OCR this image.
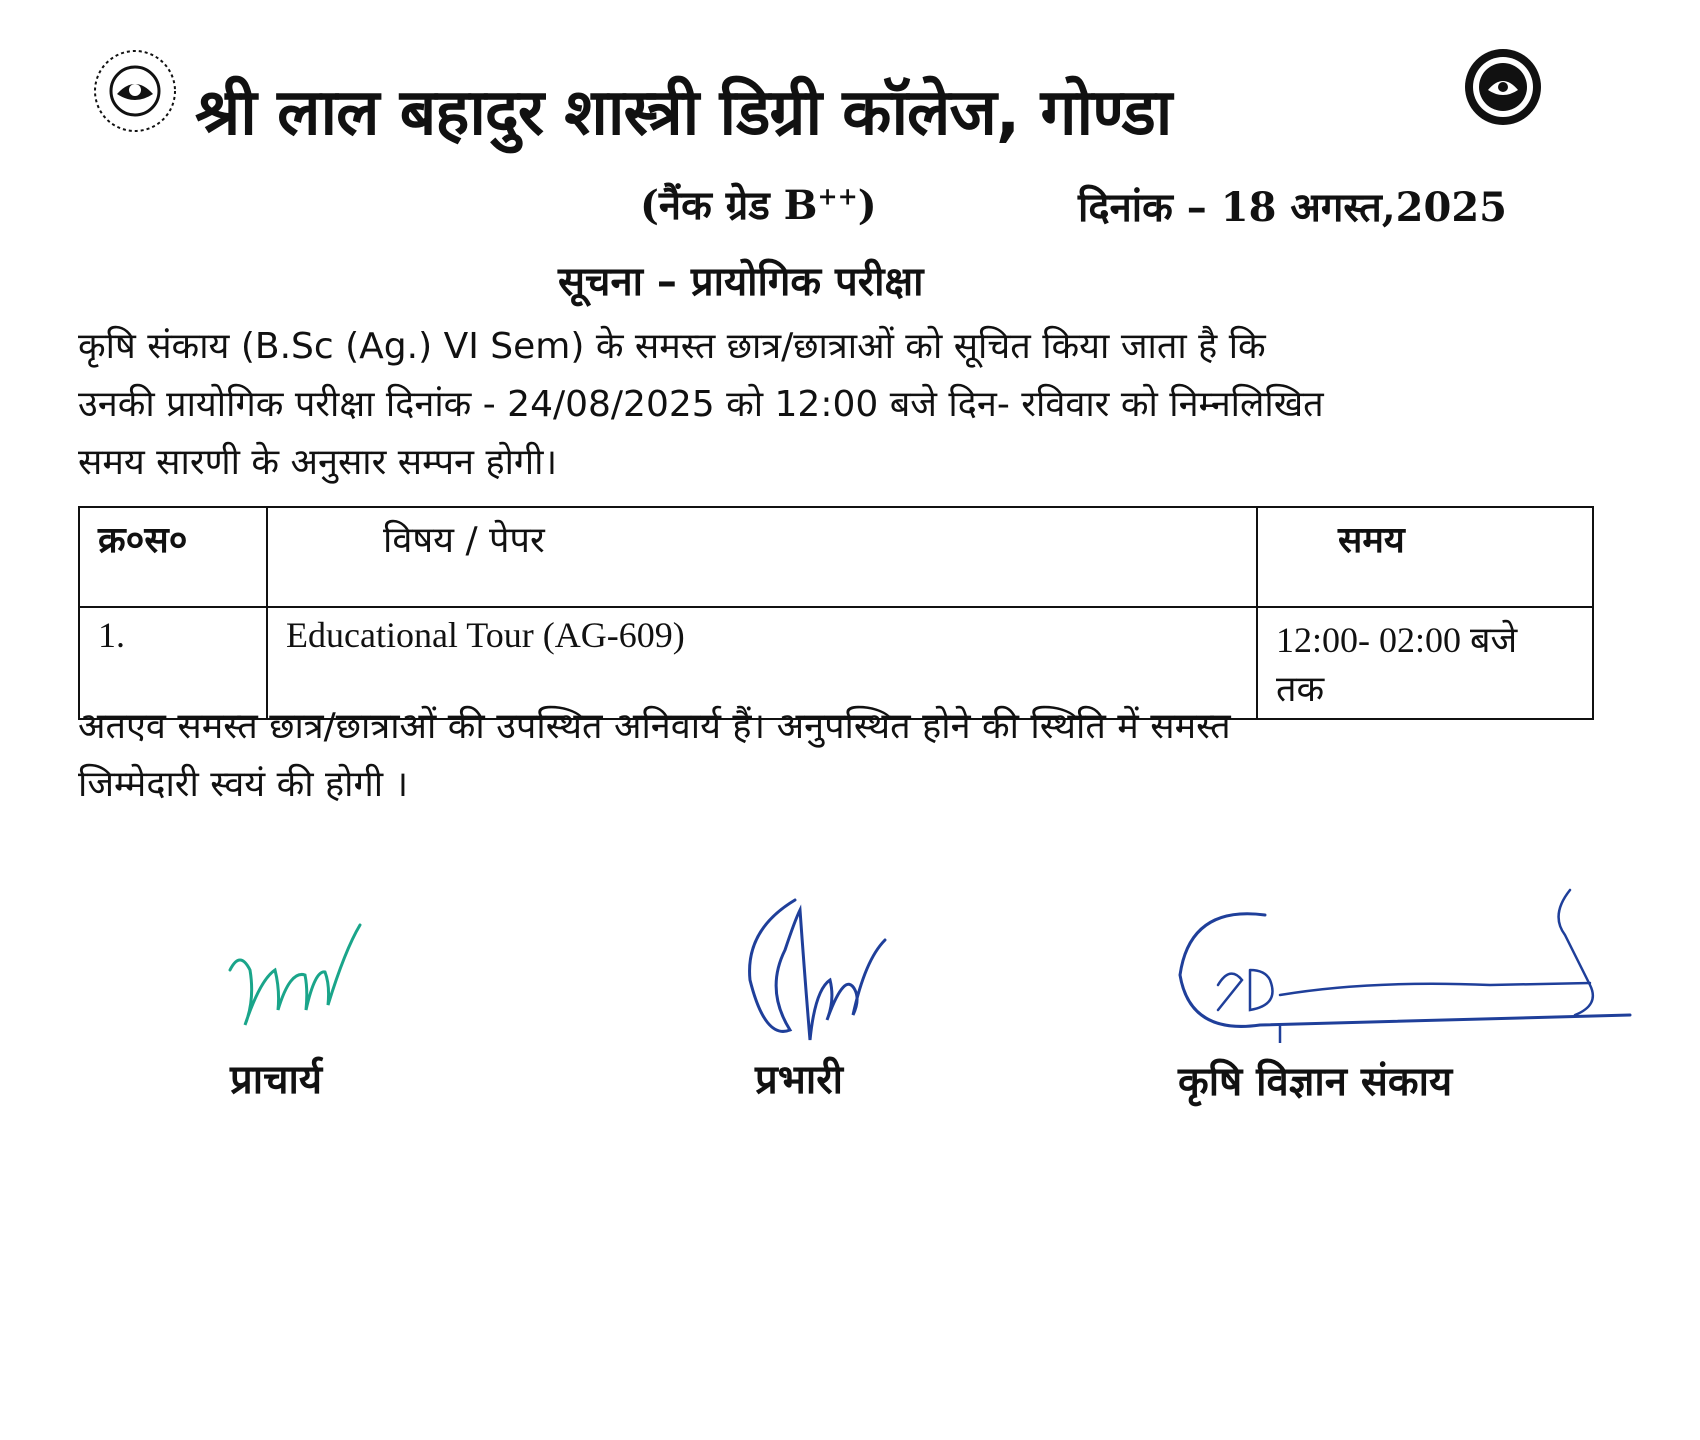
श्री लाल बहादुर शास्त्री डिग्री कॉलेज, गोण्डा
(नैंक ग्रेड B++)	दिनांक – 18 अगस्त,2025
सूचना – प्रायोगिक परीक्षा
कृषि संकाय (B.Sc (Ag.) VI Sem) के समस्त छात्र/छात्राओं को सूचित किया जाता है कि
उनकी प्रायोगिक परीक्षा दिनांक - 24/08/2025 को 12:00 बजे दिन- रविवार को निम्नलिखित
समय सारणी के अनुसार सम्पन होगी।
क्र०स०	विषय / पेपर	समय
1.	Educational Tour (AG-609)	12:00- 02:00 बजे तक
अतएव समस्त छात्र/छात्राओं की उपस्थित अनिवार्य हैं। अनुपस्थित होने की स्थिति में समस्त
जिम्मेदारी स्वयं की होगी ।
प्राचार्य	प्रभारी	कृषि विज्ञान संकाय
